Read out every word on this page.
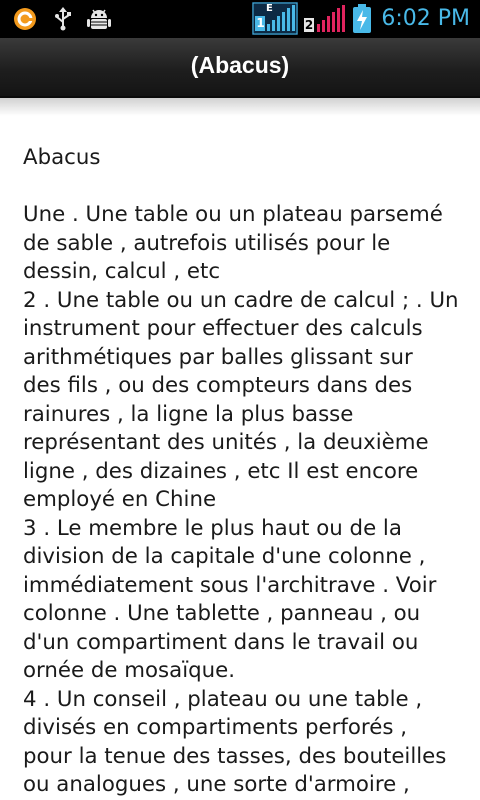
1
E
2	6:02 PM
(Abacus)

Abacus

Une . Une table ou un plateau parsemé
de sable , autrefois utilisés pour le
dessin, calcul , etc

2 . Une table ou un cadre de calcul ; . Un
instrument pour effectuer des calculs
arithmétiques par balles glissant sur
des fils , ou des compteurs dans des
rainures , la ligne la plus basse
représentant des unités , la deuxième
ligne , des dizaines , etc Il est encore
employé en Chine

3 . Le membre le plus haut ou de la
division de la capitale d'une colonne ,
immédiatement sous l'architrave . Voir
colonne . Une tablette , panneau , ou
d'un compartiment dans le travail ou
ornée de mosaïque.

4 . Un conseil , plateau ou une table ,
divisés en compartiments perforés ,
pour la tenue des tasses, des bouteilles
ou analogues , une sorte d'armoire ,
